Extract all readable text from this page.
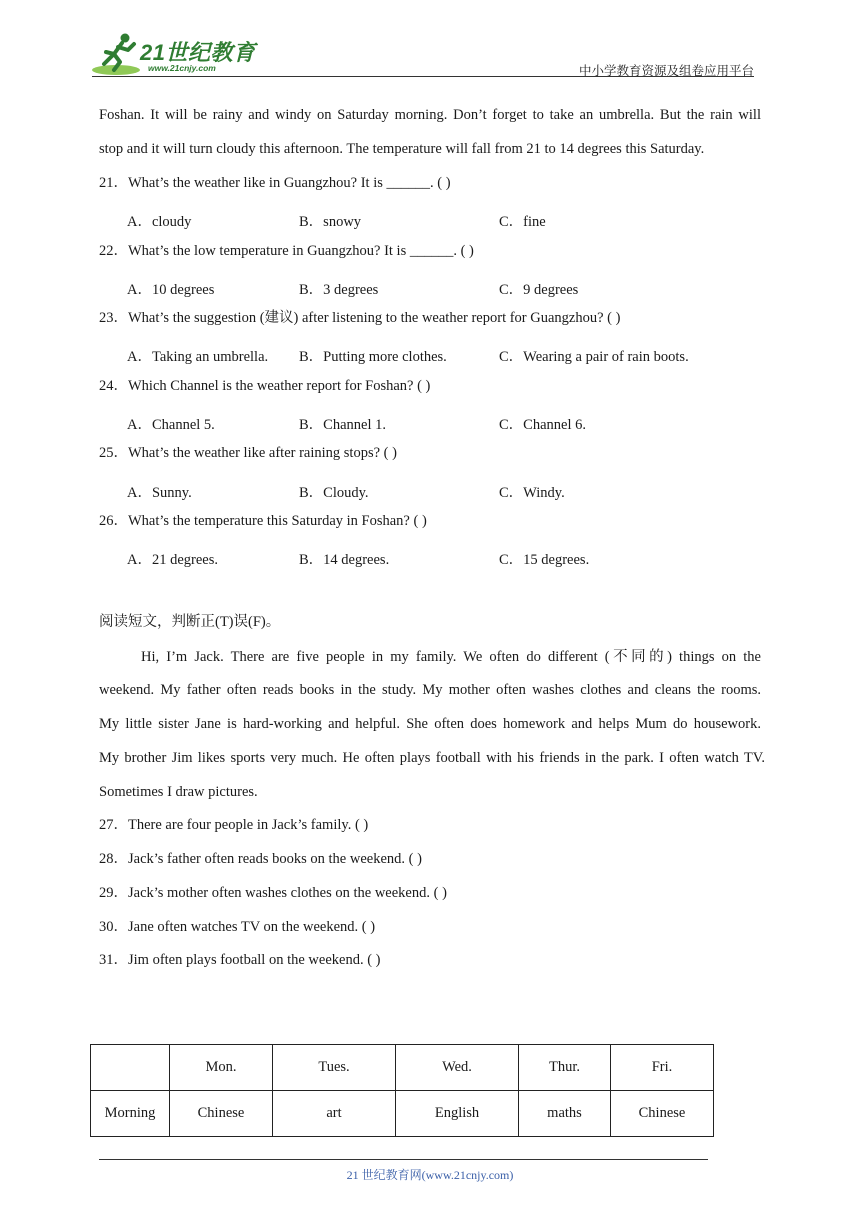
21世纪教育
www.21cnjy.com	中小学教育资源及组卷应用平台
Foshan. It will be rainy and windy on Saturday morning. Don’t forget to take an umbrella. But the rain will
stop and it will turn cloudy this afternoon. The temperature will fall from 21 to 14 degrees this Saturday.
21．What’s the weather like in Guangzhou? It is ______. ( )
A．cloudy	B．snowy	C．fine
22．What’s the low temperature in Guangzhou? It is ______. ( )
A．10 degrees	B．3 degrees	C．9 degrees
23．What’s the suggestion (建议) after listening to the weather report for Guangzhou? ( )
A．Taking an umbrella. B．Putting more clothes.	C．Wearing a pair of rain boots.
24．Which Channel is the weather report for Foshan? ( )
A．Channel 5.	B．Channel 1.	C．Channel 6.
25．What’s the weather like after raining stops? ( )
A．Sunny.	B．Cloudy.	C．Windy.
26．What’s the temperature this Saturday in Foshan? ( )
A．21 degrees.	B．14 degrees.	C．15 degrees.
阅读短文，判断正(T)误(F)。
Hi, I’m Jack. There are five people in my family. We often do different (不同的) things on the
weekend. My father often reads books in the study. My mother often washes clothes and cleans the rooms.
My little sister Jane is hard-working and helpful. She often does homework and helps Mum do housework.
My brother Jim likes sports very much. He often plays football with his friends in the park. I often watch TV.
Sometimes I draw pictures.
27．There are four people in Jack’s family. ( )
28．Jack’s father often reads books on the weekend. ( )
29．Jack’s mother often washes clothes on the weekend. ( )
30．Jane often watches TV on the weekend. ( )
31．Jim often plays football on the weekend. ( )
	Mon.	Tues.	Wed.	Thur.	Fri.
Morning	Chinese	art	English	maths	Chinese
21 世纪教育网(www.21cnjy.com)
